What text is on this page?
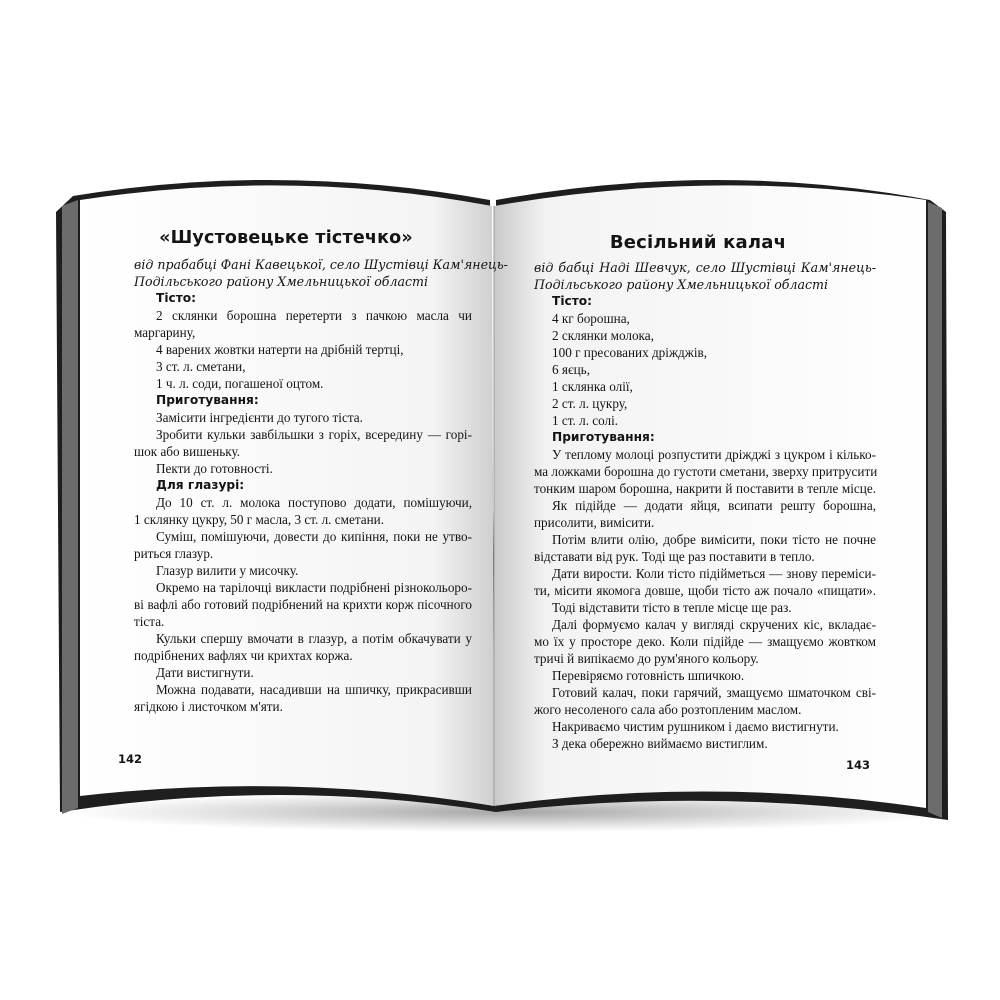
«Шустовецьке тістечко»
від прабабці Фані Кавецької, село Шустівці Кам'янець-
Подільського району Хмельницької області
Тісто:
2 склянки борошна перетерти з пачкою масла чи
маргарину,
4 варених жовтки натерти на дрібній тертці,
3 ст. л. сметани,
1 ч. л. соди, погашеної оцтом.
Приготування:
Замісити інгредієнти до тугого тіста.
Зробити кульки завбільшки з горіх, всередину — горі-
шок або вишеньку.
Пекти до готовності.
Для глазурі:
До 10 ст. л. молока поступово додати, помішуючи,
1 склянку цукру, 50 г масла, 3 ст. л. сметани.
Суміш, помішуючи, довести до кипіння, поки не утво-
риться глазур.
Глазур вилити у мисочку.
Окремо на тарілочці викласти подрібнені різнокольоро-
ві вафлі або готовий подрібнений на крихти корж пісочного
тіста.
Кульки спершу вмочати в глазур, а потім обкачувати у
подрібнених вафлях чи крихтах коржа.
Дати вистигнути.
Можна подавати, насадивши на шпичку, прикрасивши
ягідкою і листочком м'яти.
142
Весільний калач
від бабці Наді Шевчук, село Шустівці Кам'янець-
Подільського району Хмельницької області
Тісто:
4 кг борошна,
2 склянки молока,
100 г пресованих дріжджів,
6 яєць,
1 склянка олії,
2 ст. л. цукру,
1 ст. л. солі.
Приготування:
У теплому молоці розпустити дріжджі з цукром і кілько-
ма ложками борошна до густоти сметани, зверху притрусити
тонким шаром борошна, накрити й поставити в тепле місце.
Як підійде — додати яйця, всипати решту борошна,
присолити, вимісити.
Потім влити олію, добре вимісити, поки тісто не почне
відставати від рук. Тоді ще раз поставити в тепло.
Дати вирости. Коли тісто підійметься — знову переміси-
ти, місити якомога довше, щоби тісто аж почало «пищати».
Тоді відставити тісто в тепле місце ще раз.
Далі формуємо калач у вигляді скручених кіс, вкладає-
мо їх у просторе деко. Коли підійде — змащуємо жовтком
тричі й випікаємо до рум'яного кольору.
Перевіряємо готовність шпичкою.
Готовий калач, поки гарячий, змащуємо шматочком сві-
жого несоленого сала або розтопленим маслом.
Накриваємо чистим рушником і даємо вистигнути.
З дека обережно виймаємо вистиглим.
143
